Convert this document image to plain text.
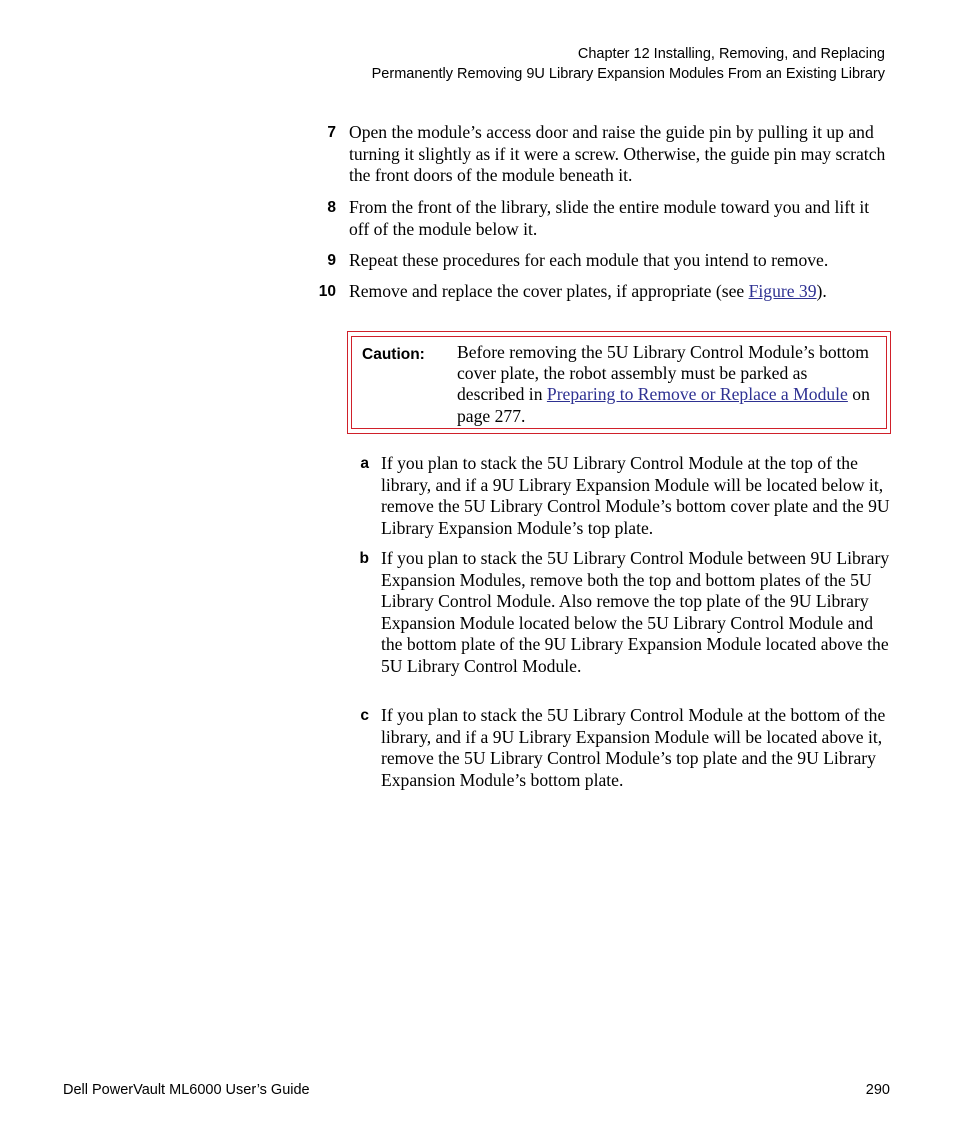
Chapter 12 Installing, Removing, and Replacing
Permanently Removing 9U Library Expansion Modules From an Existing Library
7 Open the module’s access door and raise the guide pin by pulling it up and turning it slightly as if it were a screw. Otherwise, the guide pin may scratch the front doors of the module beneath it.
8 From the front of the library, slide the entire module toward you and lift it off of the module below it.
9 Repeat these procedures for each module that you intend to remove.
10 Remove and replace the cover plates, if appropriate (see Figure 39).
Caution: Before removing the 5U Library Control Module’s bottom cover plate, the robot assembly must be parked as described in Preparing to Remove or Replace a Module on page 277.
a If you plan to stack the 5U Library Control Module at the top of the library, and if a 9U Library Expansion Module will be located below it, remove the 5U Library Control Module’s bottom cover plate and the 9U Library Expansion Module’s top plate.
b If you plan to stack the 5U Library Control Module between 9U Library Expansion Modules, remove both the top and bottom plates of the 5U Library Control Module. Also remove the top plate of the 9U Library Expansion Module located below the 5U Library Control Module and the bottom plate of the 9U Library Expansion Module located above the 5U Library Control Module.
c If you plan to stack the 5U Library Control Module at the bottom of the library, and if a 9U Library Expansion Module will be located above it, remove the 5U Library Control Module’s top plate and the 9U Library Expansion Module’s bottom plate.
Dell PowerVault ML6000 User’s Guide	290
